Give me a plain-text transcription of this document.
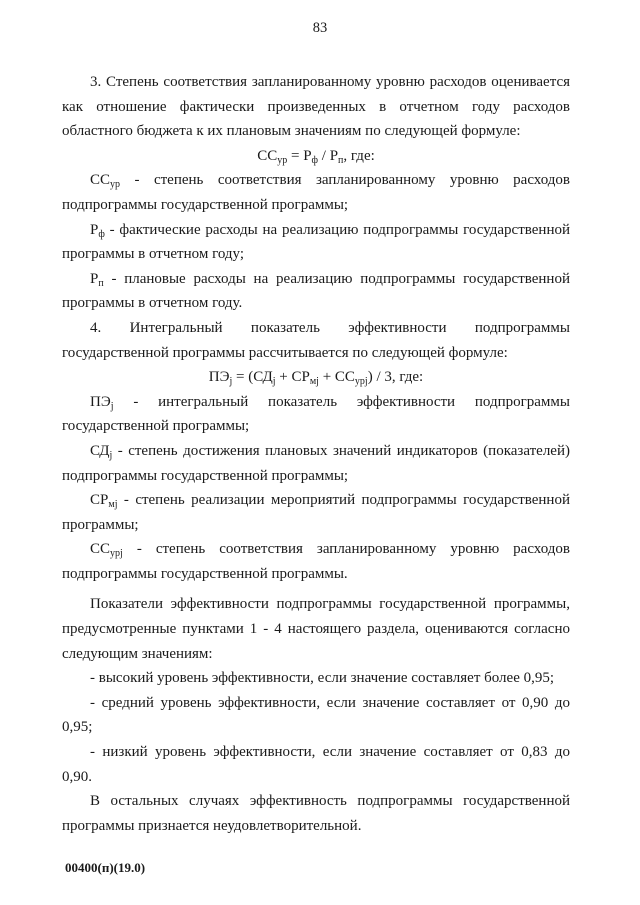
83

3. Степень соответствия запланированному уровню расходов оценивается как отношение фактически произведенных в отчетном году расходов областного бюджета к их плановым значениям по следующей формуле:

$СС_{ур} = Р_ф / Р_п$, где:

$СС_{ур}$ - степень соответствия запланированному уровню расходов подпрограммы государственной программы;

$Р_ф$ - фактические расходы на реализацию подпрограммы государственной программы в отчетном году;

$Р_п$ - плановые расходы на реализацию подпрограммы государственной программы в отчетном году.

4. Интегральный показатель эффективности подпрограммы государственной программы рассчитывается по следующей формуле:

$ПЭ_j = (СД_j + СР_{мj} + СС_{урj}) / 3$, где:

$ПЭ_j$ - интегральный показатель эффективности подпрограммы государственной программы;

$СД_j$ - степень достижения плановых значений индикаторов (показателей) подпрограммы государственной программы;

$СР_{мj}$ - степень реализации мероприятий подпрограммы государственной программы;

$СС_{урj}$ - степень соответствия запланированному уровню расходов подпрограммы государственной программы.

Показатели эффективности подпрограммы государственной программы, предусмотренные пунктами 1 - 4 настоящего раздела, оцениваются согласно следующим значениям:

- высокий уровень эффективности, если значение составляет более 0,95;

- средний уровень эффективности, если значение составляет от 0,90 до 0,95;

- низкий уровень эффективности, если значение составляет от 0,83 до 0,90.

В остальных случаях эффективность подпрограммы государственной программы признается неудовлетворительной.

00400(п)(19.0)
